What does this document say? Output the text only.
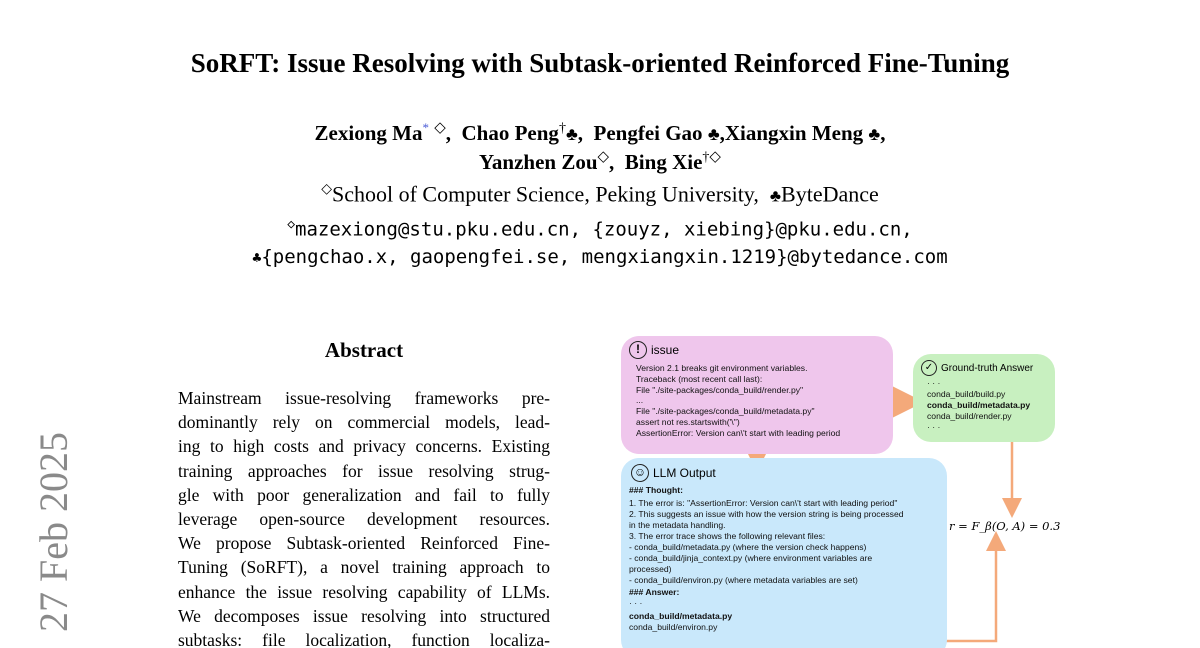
SoRFT: Issue Resolving with Subtask-oriented Reinforced Fine-Tuning
Zexiong Ma* ◇,  Chao Peng†♣,  Pengfei Gao ♣,Xiangxin Meng ♣,
Yanzhen Zou◇,  Bing Xie†◇
◇School of Computer Science, Peking University, ♣ByteDance
◇mazexiong@stu.pku.edu.cn, {zouyz, xiebing}@pku.edu.cn,
♣{pengchao.x, gaopengfei.se, mengxiangxin.1219}@bytedance.com
27 Feb 2025
Abstract
Mainstream issue-resolving frameworks pre-
dominantly rely on commercial models, lead-
ing to high costs and privacy concerns. Existing
training approaches for issue resolving strug-
gle with poor generalization and fail to fully
leverage open-source development resources.
We propose Subtask-oriented Reinforced Fine-
Tuning (SoRFT), a novel training approach to
enhance the issue resolving capability of LLMs.
We decomposes issue resolving into structured
subtasks: file localization, function localiza-
! issue
Version 2.1 breaks git environment variables.
Traceback (most recent call last):
File "./site-packages/conda_build/render.py"
...
File "./site-packages/conda_build/metadata.py"
assert not res.startswith('\'')
AssertionError: Version can\'t start with leading period
✓ Ground-truth Answer
· · ·
conda_build/build.py
conda_build/metadata.py
conda_build/render.py
· · ·
☺ LLM Output
### Thought:
1. The error is: "AssertionError: Version can\'t start with leading period"
2. This suggests an issue with how the version string is being processed
in the metadata handling.
3. The error trace shows the following relevant files:
- conda_build/metadata.py (where the version check happens)
- conda_build/jinja_context.py (where environment variables are
processed)
- conda_build/environ.py (where metadata variables are set)
### Answer:
· · ·
conda_build/metadata.py
conda_build/environ.py
r = F_β(O, A) = 0.3
